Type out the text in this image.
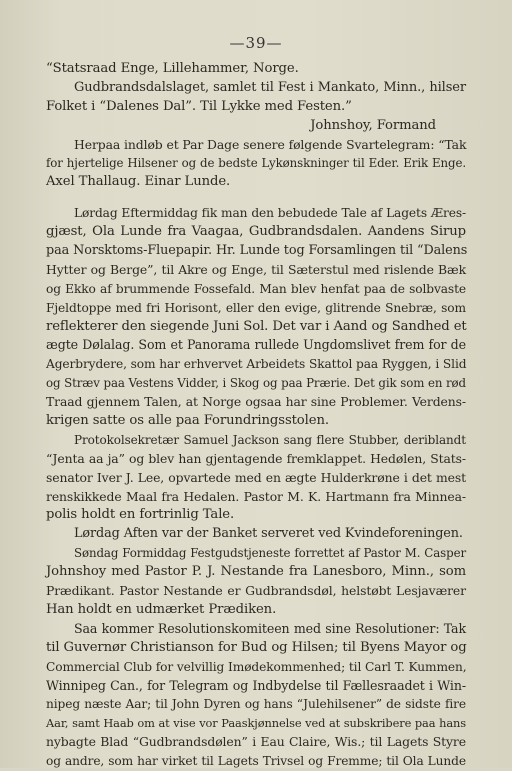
—39—
“Statsraad Enge, Lillehammer, Norge.
Gudbrandsdalslaget, samlet til Fest i Mankato, Minn., hilser
Folket i “Dalenes Dal”. Til Lykke med Festen.”
Johnshoy, Formand
Herpaa indløb et Par Dage senere følgende Svartelegram: “Tak
for hjertelige Hilsener og de bedste Lykønskninger til Eder. Erik Enge.
Axel Thallaug. Einar Lunde.
Lørdag Eftermiddag fik man den bebudede Tale af Lagets Æres-
gjæst, Ola Lunde fra Vaagaa, Gudbrandsdalen. Aandens Sirup
paa Norsktoms-Fluepapir. Hr. Lunde tog Forsamlingen til “Dalens
Hytter og Berge”, til Akre og Enge, til Sæterstul med rislende Bæk
og Ekko af brummende Fossefald. Man blev henfat paa de solbvaste
Fjeldtoppe med fri Horisont, eller den evige, glitrende Snebræ, som
reflekterer den siegende Juni Sol. Det var i Aand og Sandhed et
ægte Dølalag. Som et Panorama rullede Ungdomslivet frem for de
Agerbrydere, som har erhvervet Arbeidets Skattol paa Ryggen, i Slid
og Stræv paa Vestens Vidder, i Skog og paa Prærie. Det gik som en rød
Traad gjennem Talen, at Norge ogsaa har sine Problemer. Verdens-
krigen satte os alle paa Forundringsstolen.
Protokolsekretær Samuel Jackson sang flere Stubber, deriblandt
“Jenta aa ja” og blev han gjentagende fremklappet. Hedølen, Stats-
senator Iver J. Lee, opvartede med en ægte Hulderkrøne i det mest
renskikkede Maal fra Hedalen. Pastor M. K. Hartmann fra Minnea-
polis holdt en fortrinlig Tale.
Lørdag Aften var der Banket serveret ved Kvindeforeningen.
Søndag Formiddag Festgudstjeneste forrettet af Pastor M. Casper
Johnshoy med Pastor P. J. Nestande fra Lanesboro, Minn., som
Prædikant. Pastor Nestande er Gudbrandsdøl, helstøbt Lesjaværer
Han holdt en udmærket Prædiken.
Saa kommer Resolutionskomiteen med sine Resolutioner: Tak
til Guvernør Christianson for Bud og Hilsen; til Byens Mayor og
Commercial Club for velvillig Imødekommenhed; til Carl T. Kummen,
Winnipeg Can., for Telegram og Indbydelse til Fællesraadet i Win-
nipeg næste Aar; til John Dyren og hans “Julehilsener” de sidste fire
Aar, samt Haab om at vise vor Paaskjønnelse ved at subskribere paa hans
nybagte Blad “Gudbrandsdølen” i Eau Claire, Wis.; til Lagets Styre
og andre, som har virket til Lagets Trivsel og Fremme; til Ola Lunde
